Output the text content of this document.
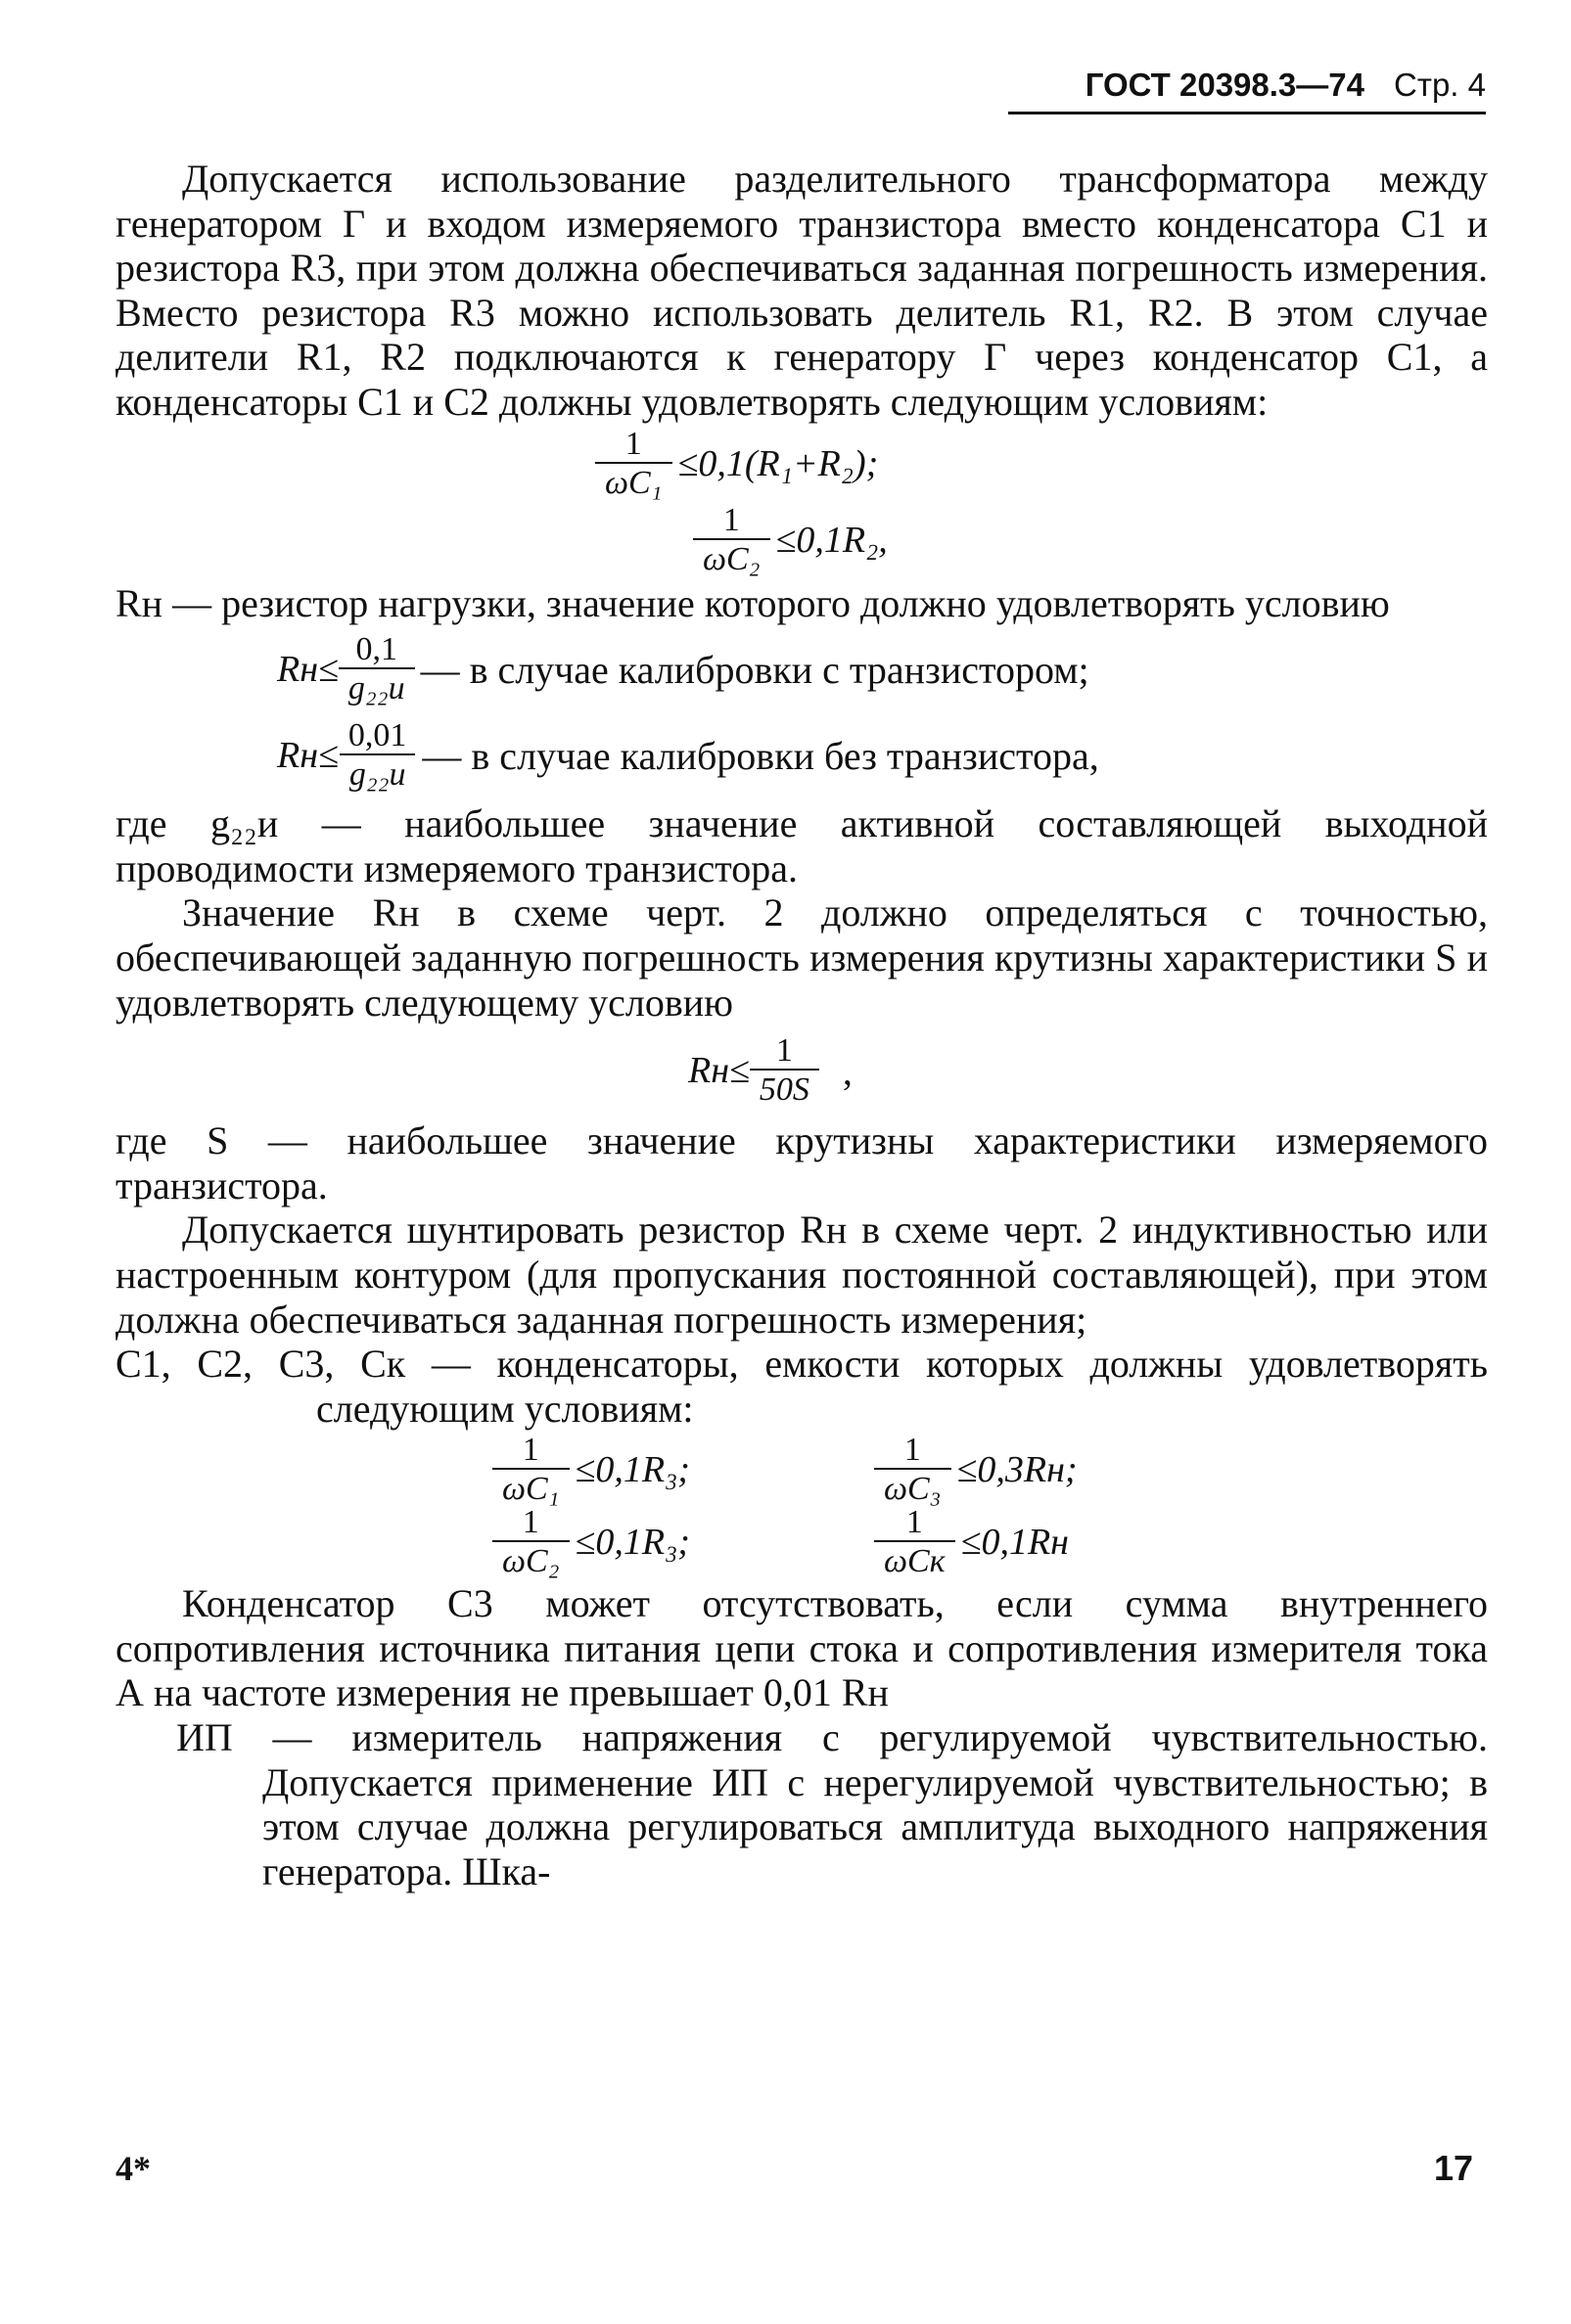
ГОСТ 20398.3—74 Стр. 4

Допускается использование разделительного трансформатора между генератором Г и входом измеряемого транзистора вместо конденсатора С1 и резистора R3, при этом должна обеспечиваться заданная погрешность измерения. Вместо резистора R3 можно использовать делитель R1, R2. В этом случае делители R1, R2 подключаются к генератору Г через конденсатор С1, а конденсаторы С1 и С2 должны удовлетворять следующим условиям:

$\frac{1}{\text{ωC₁}} \le 0,1(R_1+R_2)$;
$\frac{1}{\text{ωC₂}} \le 0,1R_2$,

Rн — резистор нагрузки, значение которого должно удовлетворять условию

$Rн\le \frac{0,1}{\text{g₂₂и}}$ — в случае калибровки с транзистором;
$Rн\le \frac{0,01}{\text{g₂₂и}}$ — в случае калибровки без транзистора,

где g₂₂и — наибольшее значение активной составляющей выходной проводимости измеряемого транзистора.

Значение Rн в схеме черт. 2 должно определяться с точностью, обеспечивающей заданную погрешность измерения крутизны характеристики S и удовлетворять следующему условию

$Rн\le \frac{1}{50S}$ ,

где S — наибольшее значение крутизны характеристики измеряемого транзистора.

Допускается шунтировать резистор Rн в схеме черт. 2 индуктивностью или настроенным контуром (для пропускания постоянной составляющей), при этом должна обеспечиваться заданная погрешность измерения;

С1, С2, С3, Ск — конденсаторы, емкости которых должны удовлетворять следующим условиям:

$\frac{1}{\text{ωC₁}} \le 0,1R_3$;	$\frac{1}{\text{ωC₃}} \le 0,3Rн$;
$\frac{1}{\text{ωC₂}} \le 0,1R_3$;	$\frac{1}{\text{ωCк}} \le 0,1Rн$

Конденсатор С3 может отсутствовать, если сумма внутреннего сопротивления источника питания цепи стока и сопротивления измерителя тока А на частоте измерения не превышает 0,01 Rн

ИП — измеритель напряжения с регулируемой чувствительностью. Допускается применение ИП с нерегулируемой чувствительностью; в этом случае должна регулироваться амплитуда выходного напряжения генератора. Шка-

4*	17
